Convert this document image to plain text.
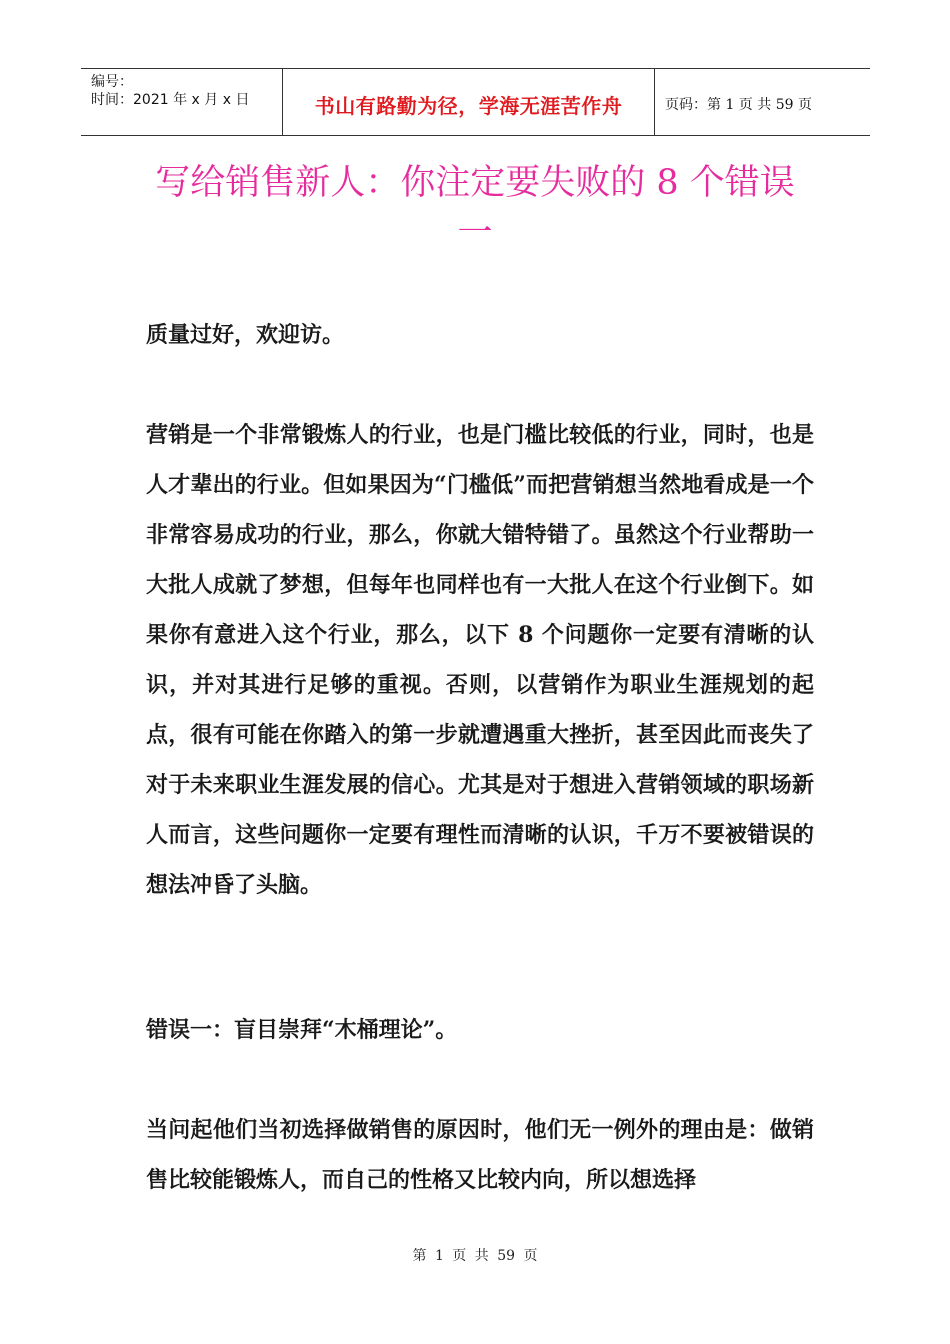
编号：
时间：2021 年 x 月 x 日	书山有路勤为径，学海无涯苦作舟	页码：第 1 页 共 59 页
写给销售新人：你注定要失败的 8 个错误一

质量过好，欢迎访。

营销是一个非常锻炼人的行业，也是门槛比较低的行业，同时，也是人才辈出的行业。但如果因为“门槛低”而把营销想当然地看成是一个非常容易成功的行业，那么，你就大错特错了。虽然这个行业帮助一大批人成就了梦想，但每年也同样也有一大批人在这个行业倒下。如果你有意进入这个行业，那么，以下 8 个问题你一定要有清晰的认识，并对其进行足够的重视。否则，以营销作为职业生涯规划的起点，很有可能在你踏入的第一步就遭遇重大挫折，甚至因此而丧失了对于未来职业生涯发展的信心。尤其是对于想进入营销领域的职场新人而言，这些问题你一定要有理性而清晰的认识，千万不要被错误的想法冲昏了头脑。

错误一：盲目崇拜“木桶理论”。

当问起他们当初选择做销售的原因时，他们无一例外的理由是：做销售比较能锻炼人，而自己的性格又比较内向，所以想选择

第 1 页 共 59 页
